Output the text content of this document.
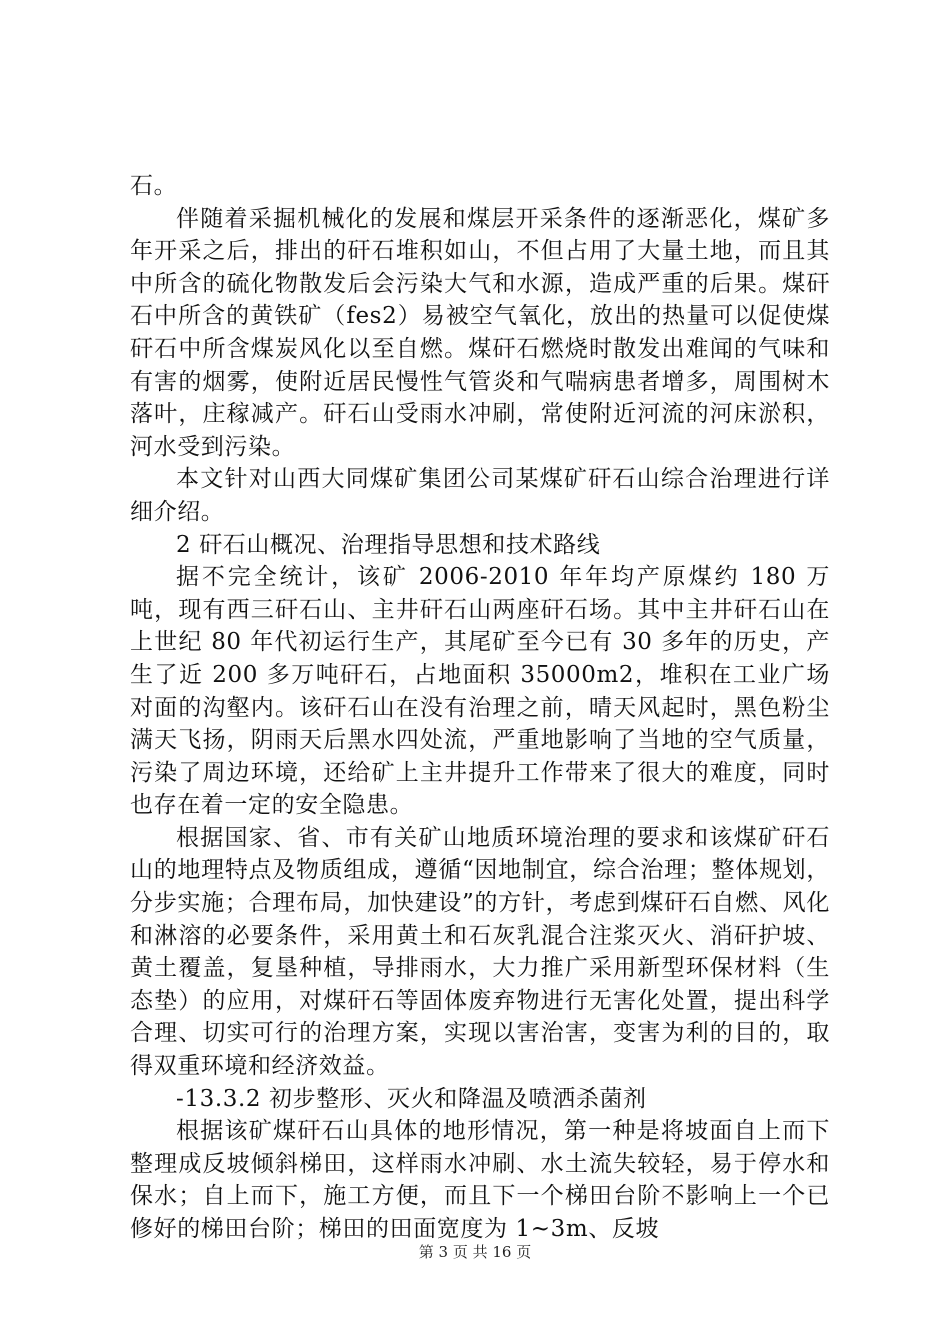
石。

伴随着采掘机械化的发展和煤层开采条件的逐渐恶化，煤矿多年开采之后，排出的矸石堆积如山，不但占用了大量土地，而且其中所含的硫化物散发后会污染大气和水源，造成严重的后果。煤矸石中所含的黄铁矿（fes2）易被空气氧化，放出的热量可以促使煤矸石中所含煤炭风化以至自燃。煤矸石燃烧时散发出难闻的气味和有害的烟雾，使附近居民慢性气管炎和气喘病患者增多，周围树木落叶，庄稼减产。矸石山受雨水冲刷，常使附近河流的河床淤积，河水受到污染。

本文针对山西大同煤矿集团公司某煤矿矸石山综合治理进行详细介绍。

2 矸石山概况、治理指导思想和技术路线

据不完全统计，该矿 2006-2010 年年均产原煤约 180 万吨，现有西三矸石山、主井矸石山两座矸石场。其中主井矸石山在上世纪 80 年代初运行生产，其尾矿至今已有 30 多年的历史，产生了近 200 多万吨矸石，占地面积 35000m2，堆积在工业广场对面的沟壑内。该矸石山在没有治理之前，晴天风起时，黑色粉尘满天飞扬，阴雨天后黑水四处流，严重地影响了当地的空气质量，污染了周边环境，还给矿上主井提升工作带来了很大的难度，同时也存在着一定的安全隐患。

根据国家、省、市有关矿山地质环境治理的要求和该煤矿矸石山的地理特点及物质组成，遵循“因地制宜，综合治理；整体规划，分步实施；合理布局，加快建设”的方针，考虑到煤矸石自燃、风化和淋溶的必要条件，采用黄土和石灰乳混合注浆灭火、消矸护坡、黄土覆盖，复垦种植，导排雨水，大力推广采用新型环保材料（生态垫）的应用，对煤矸石等固体废弃物进行无害化处置，提出科学合理、切实可行的治理方案，实现以害治害，变害为利的目的，取得双重环境和经济效益。

-13.3.2 初步整形、灭火和降温及喷洒杀菌剂

根据该矿煤矸石山具体的地形情况，第一种是将坡面自上而下整理成反坡倾斜梯田，这样雨水冲刷、水土流失较轻，易于停水和保水；自上而下，施工方便，而且下一个梯田台阶不影响上一个已修好的梯田台阶；梯田的田面宽度为 1~3m、反坡

第 3 页 共 16 页
